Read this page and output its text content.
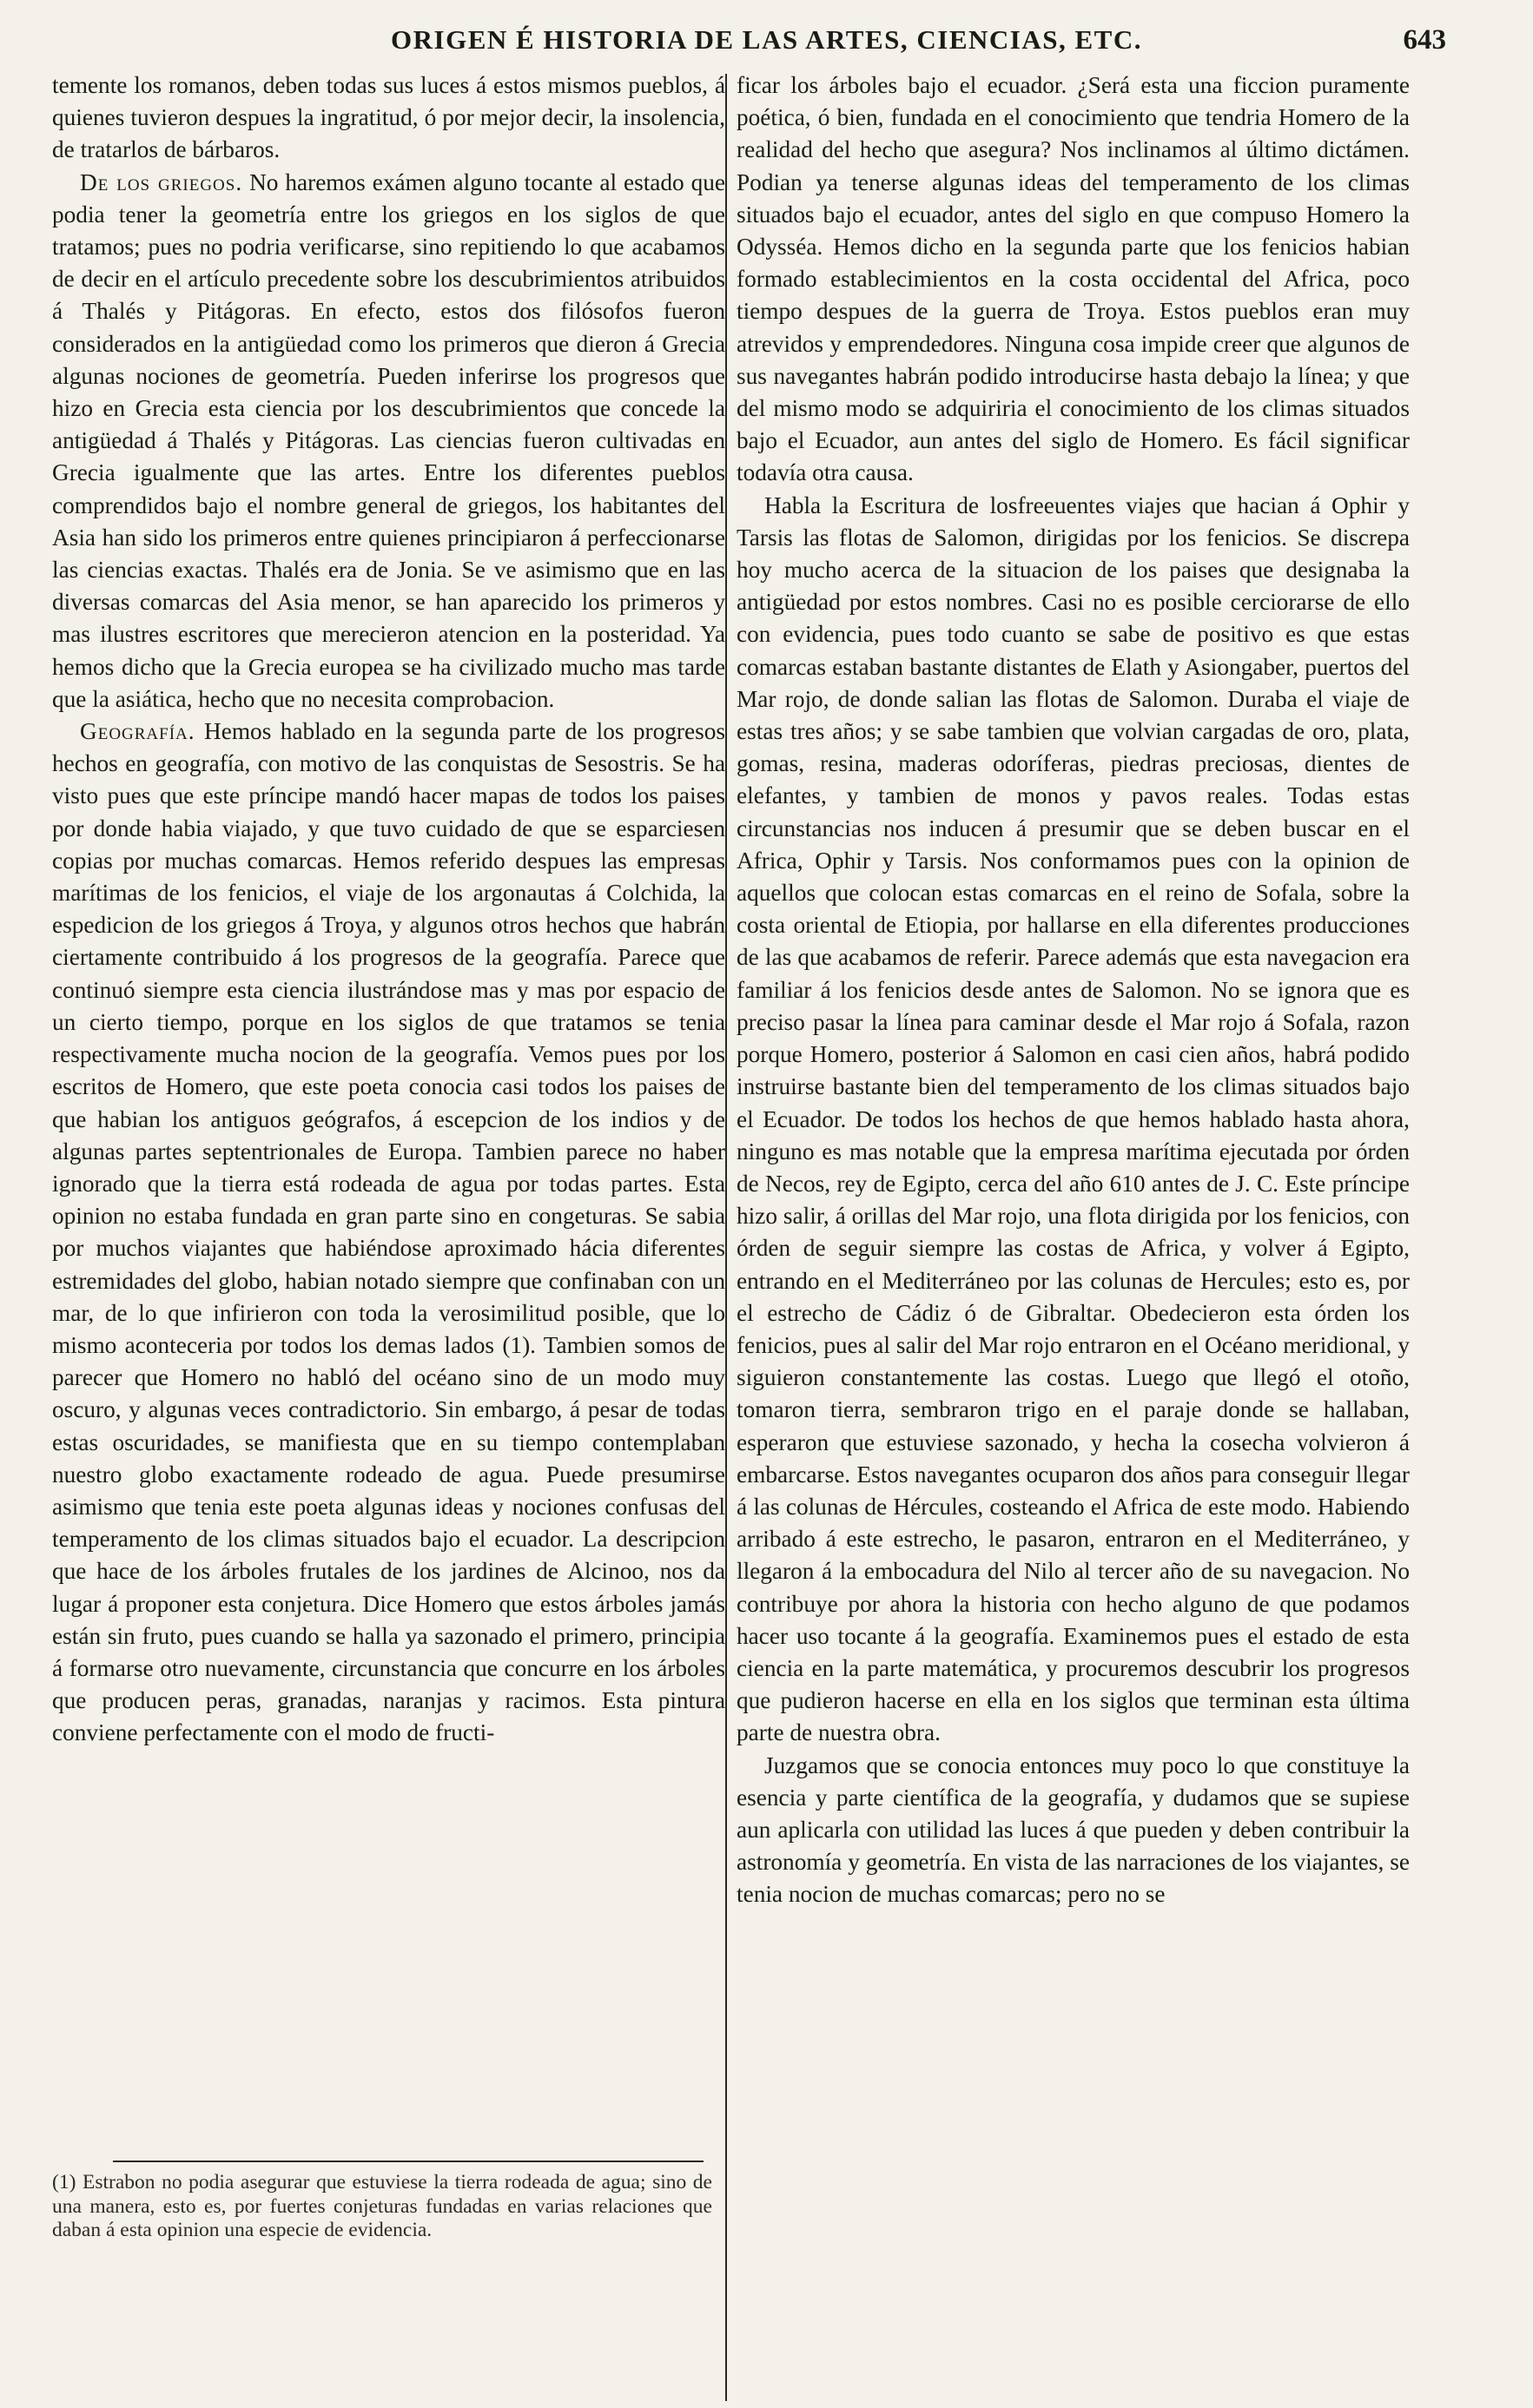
ORIGEN É HISTORIA DE LAS ARTES, CIENCIAS, ETC.	643

temente los romanos, deben todas sus luces á estos mismos pueblos, á quienes tuvieron despues la ingratitud, ó por mejor decir, la insolencia, de tratarlos de bárbaros.

De los griegos. No haremos exámen alguno tocante al estado que podia tener la geometría entre los griegos en los siglos de que tratamos; pues no podria verificarse, sino repitiendo lo que acabamos de decir en el artículo precedente sobre los descubrimientos atribuidos á Thalés y Pitágoras. En efecto, estos dos filósofos fueron considerados en la antigüedad como los primeros que dieron á Grecia algunas nociones de geometría. Pueden inferirse los progresos que hizo en Grecia esta ciencia por los descubrimientos que concede la antigüedad á Thalés y Pitágoras. Las ciencias fueron cultivadas en Grecia igualmente que las artes. Entre los diferentes pueblos comprendidos bajo el nombre general de griegos, los habitantes del Asia han sido los primeros entre quienes principiaron á perfeccionarse las ciencias exactas. Thalés era de Jonia. Se ve asimismo que en las diversas comarcas del Asia menor, se han aparecido los primeros y mas ilustres escritores que merecieron atencion en la posteridad. Ya hemos dicho que la Grecia europea se ha civilizado mucho mas tarde que la asiática, hecho que no necesita comprobacion.

Geografía. Hemos hablado en la segunda parte de los progresos hechos en geografía, con motivo de las conquistas de Sesostris. Se ha visto pues que este príncipe mandó hacer mapas de todos los paises por donde habia viajado, y que tuvo cuidado de que se esparciesen copias por muchas comarcas. Hemos referido despues las empresas marítimas de los fenicios, el viaje de los argonautas á Colchida, la espedicion de los griegos á Troya, y algunos otros hechos que habrán ciertamente contribuido á los progresos de la geografía. Parece que continuó siempre esta ciencia ilustrándose mas y mas por espacio de un cierto tiempo, porque en los siglos de que tratamos se tenia respectivamente mucha nocion de la geografía. Vemos pues por los escritos de Homero, que este poeta conocia casi todos los paises de que habian los antiguos geógrafos, á escepcion de los indios y de algunas partes septentrionales de Europa. Tambien parece no haber ignorado que la tierra está rodeada de agua por todas partes. Esta opinion no estaba fundada en gran parte sino en congeturas. Se sabia por muchos viajantes que habiéndose aproximado hácia diferentes estremidades del globo, habian notado siempre que confinaban con un mar, de lo que infirieron con toda la verosimilitud posible, que lo mismo aconteceria por todos los demas lados (1). Tambien somos de parecer que Homero no habló del océano sino de un modo muy oscuro, y algunas veces contradictorio. Sin embargo, á pesar de todas estas oscuridades, se manifiesta que en su tiempo contemplaban nuestro globo exactamente rodeado de agua. Puede presumirse asimismo que tenia este poeta algunas ideas y nociones confusas del temperamento de los climas situados bajo el ecuador. La descripcion que hace de los árboles frutales de los jardines de Alcinoo, nos da lugar á proponer esta conjetura. Dice Homero que estos árboles jamás están sin fruto, pues cuando se halla ya sazonado el primero, principia á formarse otro nuevamente, circunstancia que concurre en los árboles que producen peras, granadas, naranjas y racimos. Esta pintura conviene perfectamente con el modo de fructi-

ficar los árboles bajo el ecuador. ¿Será esta una ficcion puramente poética, ó bien, fundada en el conocimiento que tendria Homero de la realidad del hecho que asegura? Nos inclinamos al último dictámen. Podian ya tenerse algunas ideas del temperamento de los climas situados bajo el ecuador, antes del siglo en que compuso Homero la Odysséa. Hemos dicho en la segunda parte que los fenicios habian formado establecimientos en la costa occidental del Africa, poco tiempo despues de la guerra de Troya. Estos pueblos eran muy atrevidos y emprendedores. Ninguna cosa impide creer que algunos de sus navegantes habrán podido introducirse hasta debajo la línea; y que del mismo modo se adquiriria el conocimiento de los climas situados bajo el Ecuador, aun antes del siglo de Homero. Es fácil significar todavía otra causa.

Habla la Escritura de losfreeuentes viajes que hacian á Ophir y Tarsis las flotas de Salomon, dirigidas por los fenicios. Se discrepa hoy mucho acerca de la situacion de los paises que designaba la antigüedad por estos nombres. Casi no es posible cerciorarse de ello con evidencia, pues todo cuanto se sabe de positivo es que estas comarcas estaban bastante distantes de Elath y Asiongaber, puertos del Mar rojo, de donde salian las flotas de Salomon. Duraba el viaje de estas tres años; y se sabe tambien que volvian cargadas de oro, plata, gomas, resina, maderas odoríferas, piedras preciosas, dientes de elefantes, y tambien de monos y pavos reales. Todas estas circunstancias nos inducen á presumir que se deben buscar en el Africa, Ophir y Tarsis. Nos conformamos pues con la opinion de aquellos que colocan estas comarcas en el reino de Sofala, sobre la costa oriental de Etiopia, por hallarse en ella diferentes producciones de las que acabamos de referir. Parece además que esta navegacion era familiar á los fenicios desde antes de Salomon. No se ignora que es preciso pasar la línea para caminar desde el Mar rojo á Sofala, razon porque Homero, posterior á Salomon en casi cien años, habrá podido instruirse bastante bien del temperamento de los climas situados bajo el Ecuador. De todos los hechos de que hemos hablado hasta ahora, ninguno es mas notable que la empresa marítima ejecutada por órden de Necos, rey de Egipto, cerca del año 610 antes de J. C. Este príncipe hizo salir, á orillas del Mar rojo, una flota dirigida por los fenicios, con órden de seguir siempre las costas de Africa, y volver á Egipto, entrando en el Mediterráneo por las colunas de Hercules; esto es, por el estrecho de Cádiz ó de Gibraltar. Obedecieron esta órden los fenicios, pues al salir del Mar rojo entraron en el Océano meridional, y siguieron constantemente las costas. Luego que llegó el otoño, tomaron tierra, sembraron trigo en el paraje donde se hallaban, esperaron que estuviese sazonado, y hecha la cosecha volvieron á embarcarse. Estos navegantes ocuparon dos años para conseguir llegar á las colunas de Hércules, costeando el Africa de este modo. Habiendo arribado á este estrecho, le pasaron, entraron en el Mediterráneo, y llegaron á la embocadura del Nilo al tercer año de su navegacion. No contribuye por ahora la historia con hecho alguno de que podamos hacer uso tocante á la geografía. Examinemos pues el estado de esta ciencia en la parte matemática, y procuremos descubrir los progresos que pudieron hacerse en ella en los siglos que terminan esta última parte de nuestra obra.

Juzgamos que se conocia entonces muy poco lo que constituye la esencia y parte científica de la geografía, y dudamos que se supiese aun aplicarla con utilidad las luces á que pueden y deben contribuir la astronomía y geometría. En vista de las narraciones de los viajantes, se tenia nocion de muchas comarcas; pero no se

(1) Estrabon no podia asegurar que estuviese la tierra rodeada de agua; sino de una manera, esto es, por fuertes conjeturas fundadas en varias relaciones que daban á esta opinion una especie de evidencia.
